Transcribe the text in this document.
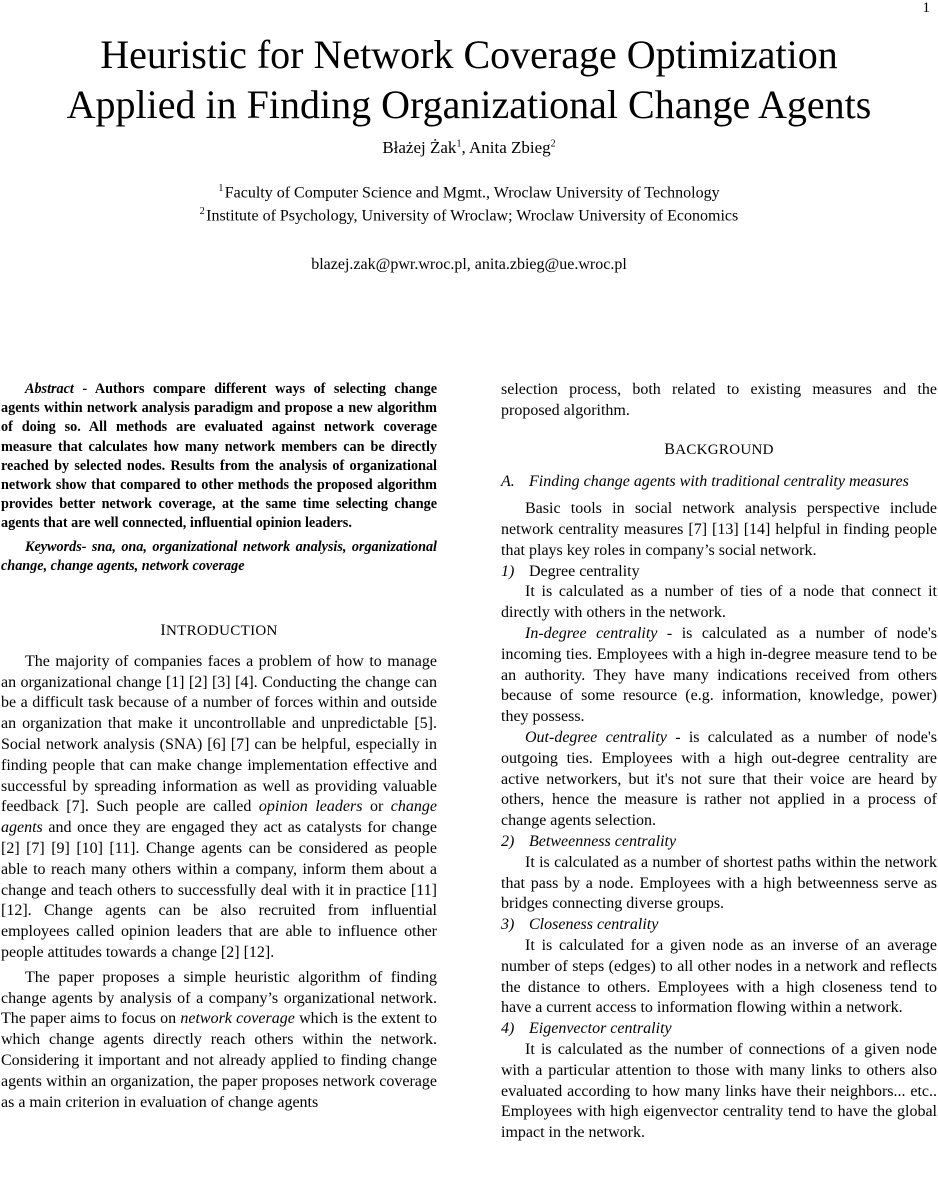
1
Heuristic for Network Coverage Optimization
Applied in Finding Organizational Change Agents
Błażej Żak$^1$, Anita Zbieg$^2$
$^1$ Faculty of Computer Science and Mgmt., Wroclaw University of Technology
$^2$ Institute of Psychology, University of Wroclaw; Wroclaw University of Economics
blazej.zak@pwr.wroc.pl, anita.zbieg@ue.wroc.pl
Abstract - Authors compare different ways of selecting change agents within network analysis paradigm and propose a new algorithm of doing so. All methods are evaluated against network coverage measure that calculates how many network members can be directly reached by selected nodes. Results from the analysis of organizational network show that compared to other methods the proposed algorithm provides better network coverage, at the same time selecting change agents that are well connected, influential opinion leaders.
Keywords- sna, ona, organizational network analysis, organizational change, change agents, network coverage
INTRODUCTION

The majority of companies faces a problem of how to manage an organizational change [1] [2] [3] [4]. Conducting the change can be a difficult task because of a number of forces within and outside an organization that make it uncontrollable and unpredictable [5]. Social network analysis (SNA) [6] [7] can be helpful, especially in finding people that can make change implementation effective and successful by spreading information as well as providing valuable feedback [7]. Such people are called opinion leaders or change agents and once they are engaged they act as catalysts for change [2] [7] [9] [10] [11]. Change agents can be considered as people able to reach many others within a company, inform them about a change and teach others to successfully deal with it in practice [11] [12]. Change agents can be also recruited from influential employees called opinion leaders that are able to influence other people attitudes towards a change [2] [12].

The paper proposes a simple heuristic algorithm of finding change agents by analysis of a company’s organizational network. The paper aims to focus on network coverage which is the extent to which change agents directly reach others within the network. Considering it important and not already applied to finding change agents within an organization, the paper proposes network coverage as a main criterion in evaluation of change agents

selection process, both related to existing measures and the proposed algorithm.

BACKGROUND
A. Finding change agents with traditional centrality measures

Basic tools in social network analysis perspective include network centrality measures [7] [13] [14] helpful in finding people that plays key roles in company’s social network.

1) Degree centrality

It is calculated as a number of ties of a node that connect it directly with others in the network.

In-degree centrality - is calculated as a number of node's incoming ties. Employees with a high in-degree measure tend to be an authority. They have many indications received from others because of some resource (e.g. information, knowledge, power) they possess.

Out-degree centrality - is calculated as a number of node's outgoing ties. Employees with a high out-degree centrality are active networkers, but it's not sure that their voice are heard by others, hence the measure is rather not applied in a process of change agents selection.

2) Betweenness centrality

It is calculated as a number of shortest paths within the network that pass by a node. Employees with a high betweenness serve as bridges connecting diverse groups.

3) Closeness centrality

It is calculated for a given node as an inverse of an average number of steps (edges) to all other nodes in a network and reflects the distance to others. Employees with a high closeness tend to have a current access to information flowing within a network.

4) Eigenvector centrality

It is calculated as the number of connections of a given node with a particular attention to those with many links to others also evaluated according to how many links have their neighbors... etc.. Employees with high eigenvector centrality tend to have the global impact in the network.
